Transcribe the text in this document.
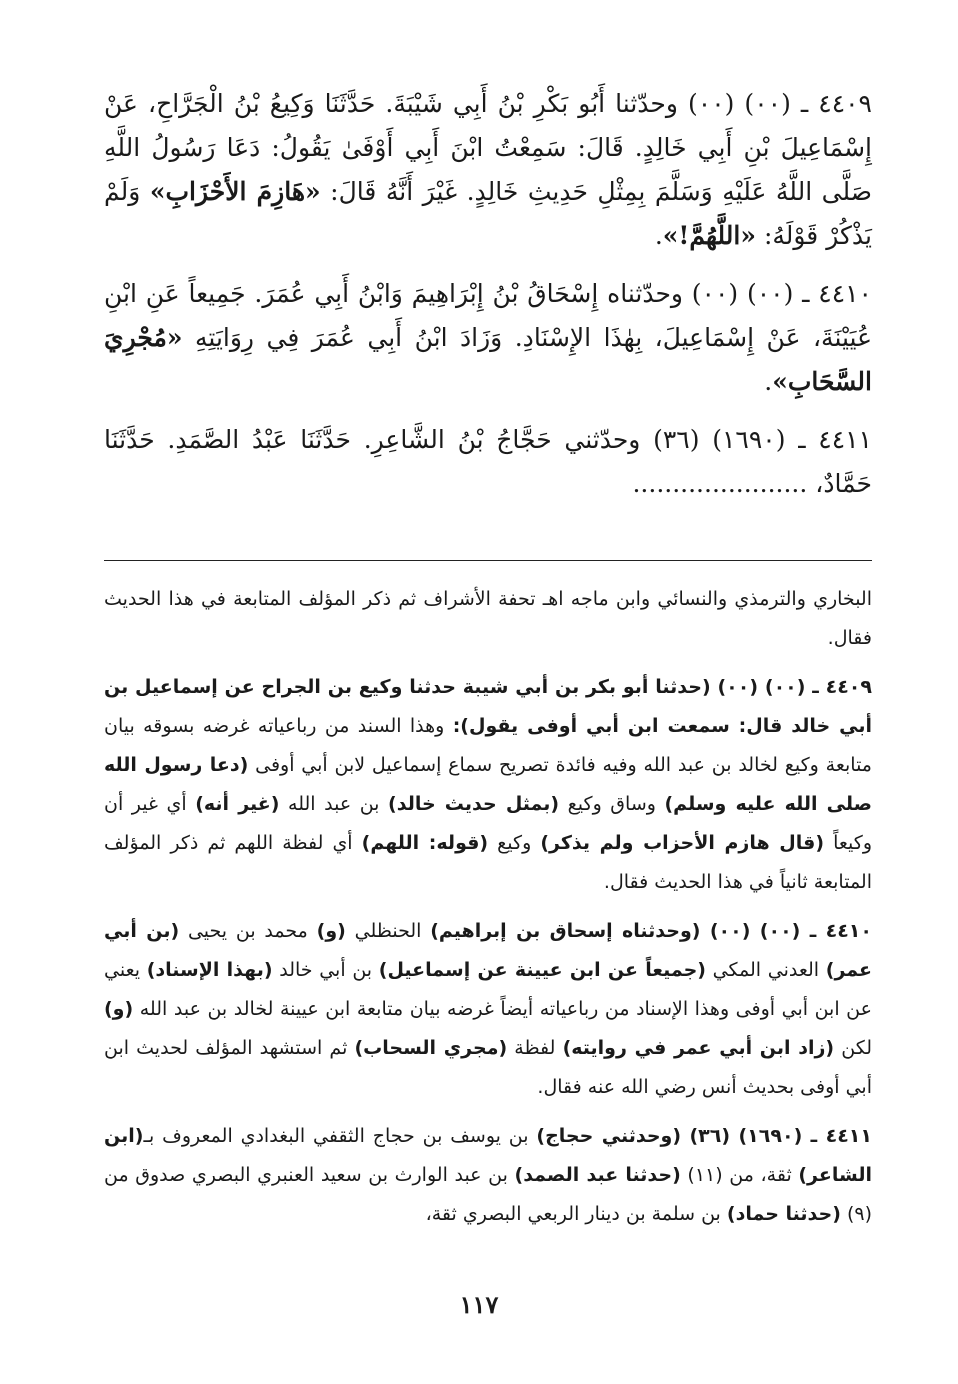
٤٤٠٩ ـ (٠٠) (٠٠) وحدّثنا أَبُو بَكْرِ بْنُ أَبِي شَيْبَةَ. حَدَّثَنَا وَكِيعُ بْنُ الْجَرَّاحِ، عَنْ إِسْمَاعِيلَ بْنِ أَبِي خَالِدٍ. قَالَ: سَمِعْتُ ابْنَ أَبِي أَوْفَىٰ يَقُولُ: دَعَا رَسُولُ اللَّهِ صَلَّى اللَّهُ عَلَيْهِ وَسَلَّمَ بِمِثْلِ حَدِيثِ خَالِدٍ. غَيْرَ أَنَّهُ قَالَ: «هَازِمَ الأَحْزَابِ» وَلَمْ يَذْكُرْ قَوْلَهُ: «اللَّهُمَّ!».

٤٤١٠ ـ (٠٠) (٠٠) وحدّثناه إِسْحَاقُ بْنُ إِبْرَاهِيمَ وَابْنُ أَبِي عُمَرَ. جَمِيعاً عَنِ ابْنِ عُيَيْنَةَ، عَنْ إِسْمَاعِيلَ، بِهٰذَا الإِسْنَادِ. وَزَادَ ابْنُ أَبِي عُمَرَ فِي رِوَايَتِهِ «مُجْرِيَ السَّحَابِ».

٤٤١١ ـ (١٦٩٠) (٣٦) وحدّثني حَجَّاجُ بْنُ الشَّاعِرِ. حَدَّثَنَا عَبْدُ الصَّمَدِ. حَدَّثَنَا حَمَّادٌ، ......................

البخاري والترمذي والنسائي وابن ماجه اهـ تحفة الأشراف ثم ذكر المؤلف المتابعة في هذا الحديث فقال.

٤٤٠٩ ـ (٠٠) (٠٠) (حدثنا أبو بكر بن أبي شيبة حدثنا وكيع بن الجراح عن إسماعيل بن أبي خالد قال: سمعت ابن أبي أوفى يقول): وهذا السند من رباعياته غرضه بسوقه بيان متابعة وكيع لخالد بن عبد الله وفيه فائدة تصريح سماع إسماعيل لابن أبي أوفى (دعا رسول الله صلى الله عليه وسلم) وساق وكيع (بمثل حديث خالد) بن عبد الله (غير أنه) أي غير أن وكيعاً (قال هازم الأحزاب ولم يذكر) وكيع (قوله: اللهم) أي لفظة اللهم ثم ذكر المؤلف المتابعة ثانياً في هذا الحديث فقال.

٤٤١٠ ـ (٠٠) (٠٠) (وحدثناه إسحاق بن إبراهيم) الحنظلي (و) محمد بن يحيى (بن أبي عمر) العدني المكي (جميعاً عن ابن عيينة عن إسماعيل) بن أبي خالد (بهذا الإسناد) يعني عن ابن أبي أوفى وهذا الإسناد من رباعياته أيضاً غرضه بيان متابعة ابن عيينة لخالد بن عبد الله (و) لكن (زاد ابن أبي عمر في روايته) لفظة (مجري السحاب) ثم استشهد المؤلف لحديث ابن أبي أوفى بحديث أنس رضي الله عنه فقال.

٤٤١١ ـ (١٦٩٠) (٣٦) (وحدثني حجاج) بن يوسف بن حجاج الثقفي البغدادي المعروف بـ(ابن الشاعر) ثقة، من (١١) (حدثنا عبد الصمد) بن عبد الوارث بن سعيد العنبري البصري صدوق من (٩) (حدثنا حماد) بن سلمة بن دينار الربعي البصري ثقة،

١١٧
